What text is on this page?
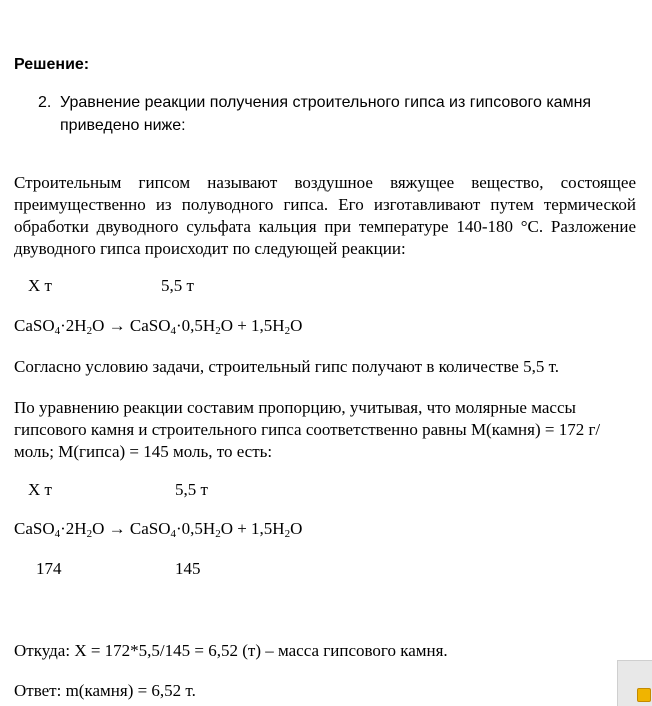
Решение:
2. Уравнение реакции получения строительного гипса из гипсового камня приведено ниже:
Строительным гипсом называют воздушное вяжущее вещество, состоящее преимущественно из полуводного гипса. Его изготавливают путем термической обработки двуводного сульфата кальция при температуре 140-180 °С. Разложение двуводного гипса происходит по следующей реакции:
Х т	5,5 т
$CaSO_4\cdot 2H_2O$ → $CaSO_4\cdot 0,5H_2O + 1,5H_2O$
Согласно условию задачи, строительный гипс получают в количестве 5,5 т.
По уравнению реакции составим пропорцию, учитывая, что молярные массы гипсового камня и строительного гипса соответственно равны М(камня) = 172 г/моль; М(гипса) = 145 моль, то есть:
Х т	5,5 т
$CaSO_4\cdot 2H_2O$ → $CaSO_4\cdot 0,5H_2O + 1,5H_2O$
174	145
Откуда: Х = 172*5,5/145 = 6,52 (т) – масса гипсового камня.
Ответ: m(камня) = 6,52 т.
